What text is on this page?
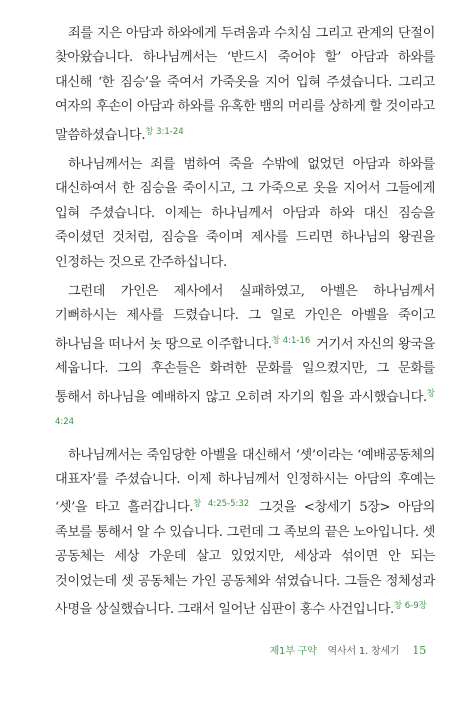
죄를 지은 아담과 하와에게 두려움과 수치심 그리고 관계의 단절이 찾아왔습니다. 하나님께서는 ‘반드시 죽어야 할’ 아담과 하와를 대신해 ‘한 짐승’을 죽여서 가죽옷을 지어 입혀 주셨습니다. 그리고 여자의 후손이 아담과 하와를 유혹한 뱀의 머리를 상하게 할 것이라고 말씀하셨습니다.$^{창 3:1-24}$

하나님께서는 죄를 범하여 죽을 수밖에 없었던 아담과 하와를 대신하여서 한 짐승을 죽이시고, 그 가죽으로 옷을 지어서 그들에게 입혀 주셨습니다. 이제는 하나님께서 아담과 하와 대신 짐승을 죽이셨던 것처럼, 짐승을 죽이며 제사를 드리면 하나님의 왕권을 인정하는 것으로 간주하십니다.

그런데 가인은 제사에서 실패하였고, 아벨은 하나님께서 기뻐하시는 제사를 드렸습니다. 그 일로 가인은 아벨을 죽이고 하나님을 떠나서 놋 땅으로 이주합니다.$^{창 4:1-16}$ 거기서 자신의 왕국을 세웁니다. 그의 후손들은 화려한 문화를 일으켰지만, 그 문화를 통해서 하나님을 예배하지 않고 오히려 자기의 힘을 과시했습니다.$^{창 4:24}$

하나님께서는 죽임당한 아벨을 대신해서 ‘셋’이라는 ‘예배공동체의 대표자’를 주셨습니다. 이제 하나님께서 인정하시는 아담의 후예는 ‘셋’을 타고 흘러갑니다.$^{창 4:25-5:32}$ 그것을 <창세기 5장> 아담의 족보를 통해서 알 수 있습니다. 그런데 그 족보의 끝은 노아입니다. 셋 공동체는 세상 가운데 살고 있었지만, 세상과 섞이면 안 되는 것이었는데 셋 공동체는 가인 공동체와 섞였습니다. 그들은 정체성과 사명을 상실했습니다. 그래서 일어난 심판이 홍수 사건입니다.$^{창 6-9장}$

제1부 구약 역사서 1. 창세기 15
